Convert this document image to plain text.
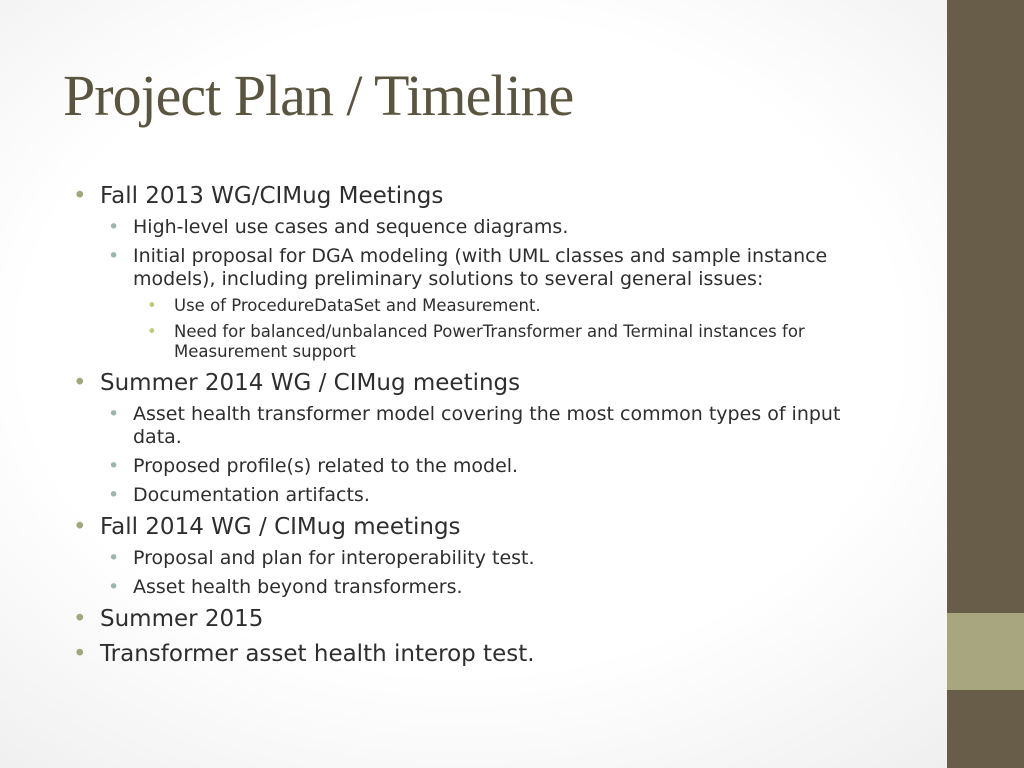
Project Plan / Timeline
• Fall 2013 WG/CIMug Meetings
• High-level use cases and sequence diagrams.
• Initial proposal for DGA modeling (with UML classes and sample instance
models), including preliminary solutions to several general issues:
• Use of ProcedureDataSet and Measurement.
• Need for balanced/unbalanced PowerTransformer and Terminal instances for
Measurement support
• Summer 2014 WG / CIMug meetings
• Asset health transformer model covering the most common types of input
data.
• Proposed profile(s) related to the model.
• Documentation artifacts.
• Fall 2014 WG / CIMug meetings
• Proposal and plan for interoperability test.
• Asset health beyond transformers.
• Summer 2015
• Transformer asset health interop test.
